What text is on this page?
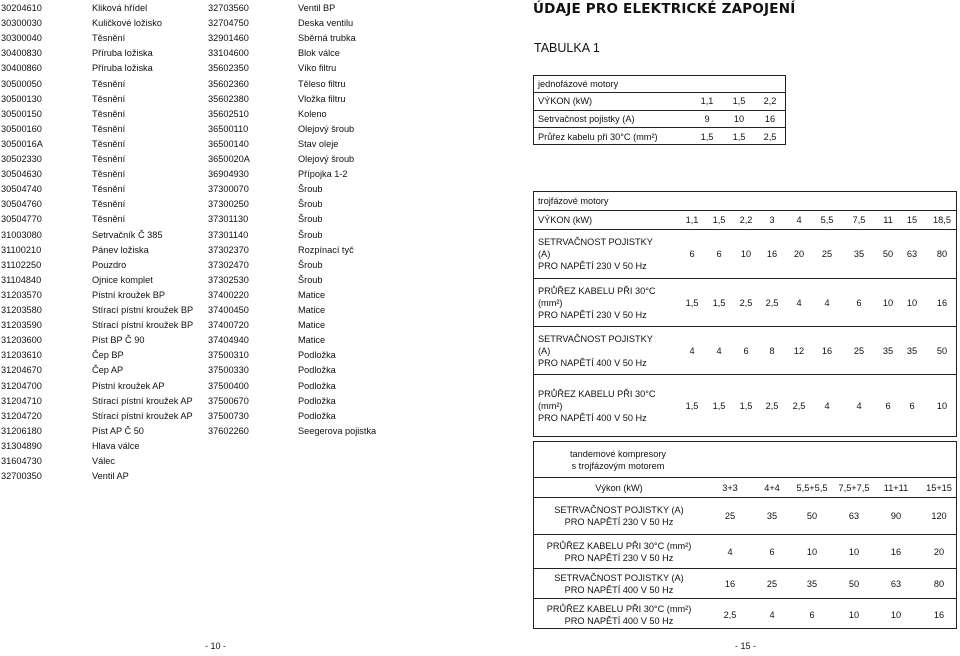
30204610	Kliková hřídel	32703560	Ventil BP
30300030	Kuličkové ložisko	32704750	Deska ventilu
30300040	Těsnění	32901460	Sběrná trubka
30400830	Příruba ložiska	33104600	Blok válce
30400860	Příruba ložiska	35602350	Víko filtru
30500050	Těsnění	35602360	Těleso filtru
30500130	Těsnění	35602380	Vložka filtru
30500150	Těsnění	35602510	Koleno
30500160	Těsnění	36500110	Olejový šroub
3050016A	Těsnění	36500140	Stav oleje
30502330	Těsnění	3650020A	Olejový šroub
30504630	Těsnění	36904930	Přípojka 1-2
30504740	Těsnění	37300070	Šroub
30504760	Těsnění	37300250	Šroub
30504770	Těsnění	37301130	Šroub
31003080	Setrvačník Č 385	37301140	Šroub
31100210	Pánev ložiska	37302370	Rozpínací tyč
31102250	Pouzdro	37302470	Šroub
31104840	Ojnice komplet	37302530	Šroub
31203570	Pístní kroužek BP	37400220	Matice
31203580	Stírací pístní kroužek BP 37400450	Matice
31203590	Stírací pístní kroužek BP 37400720	Matice
31203600	Píst BP Č 90	37404940	Matice
31203610	Čep BP	37500310	Podložka
31204670	Čep AP	37500330	Podložka
31204700	Pístní kroužek AP	37500400	Podložka
31204710	Stírací pístní kroužek AP 37500670	Podložka
31204720	Stírací pístní kroužek AP 37500730	Podložka
31206180	Píst AP Č 50	37602260	Seegerova pojistka
31304890	Hlava válce
31604730	Válec
32700350	Ventil AP
- 10 -
ÚDAJE PRO ELEKTRICKÉ ZAPOJENÍ
TABULKA 1
jednofázové motory
VÝKON (kW)	1,1	1,5	2,2
Setrvačnost pojistky (A)	9	10	16
Průřez kabelu při 30°C (mm²)	1,5	1,5	2,5
trojfázové motory
VÝKON (kW)	1,1	1,5	2,2	3	4	5,5	7,5	11	15	18,5
SETRVAČNOST POJISTKY
(A)
PRO NAPĚTÍ 230 V 50 Hz
6	6	10	16	20	25	35	50	63	80
PRŮŘEZ KABELU PŘI 30°C
(mm²)
PRO NAPĚTÍ 230 V 50 Hz
1,5	1,5	2,5	2,5	4	4	6	10	10	16
SETRVAČNOST POJISTKY
(A)
PRO NAPĚTÍ 400 V 50 Hz
4	4	6	8	12	16	25	35	35	50
PRŮŘEZ KABELU PŘI 30°C
(mm²)
PRO NAPĚTÍ 400 V 50 Hz
1,5	1,5	1,5	2,5	2,5	4	4	6	6	10
tandemové kompresory
s trojfázovým motorem
Výkon (kW)	3+3	4+4	5,5+5,5	7,5+7,5	11+11	15+15
SETRVAČNOST POJISTKY (A)
PRO NAPĚTÍ 230 V 50 Hz
25	35	50	63	90	120
PRŮŘEZ KABELU PŘI 30°C (mm²)
PRO NAPĚTÍ 230 V 50 Hz
4	6	10	10	16	20
SETRVAČNOST POJISTKY (A)
PRO NAPĚTÍ 400 V 50 Hz
16	25	35	50	63	80
PRŮŘEZ KABELU PŘI 30°C (mm²)
PRO NAPĚTÍ 400 V 50 Hz
2,5	4	6	10	10	16
- 15 -
